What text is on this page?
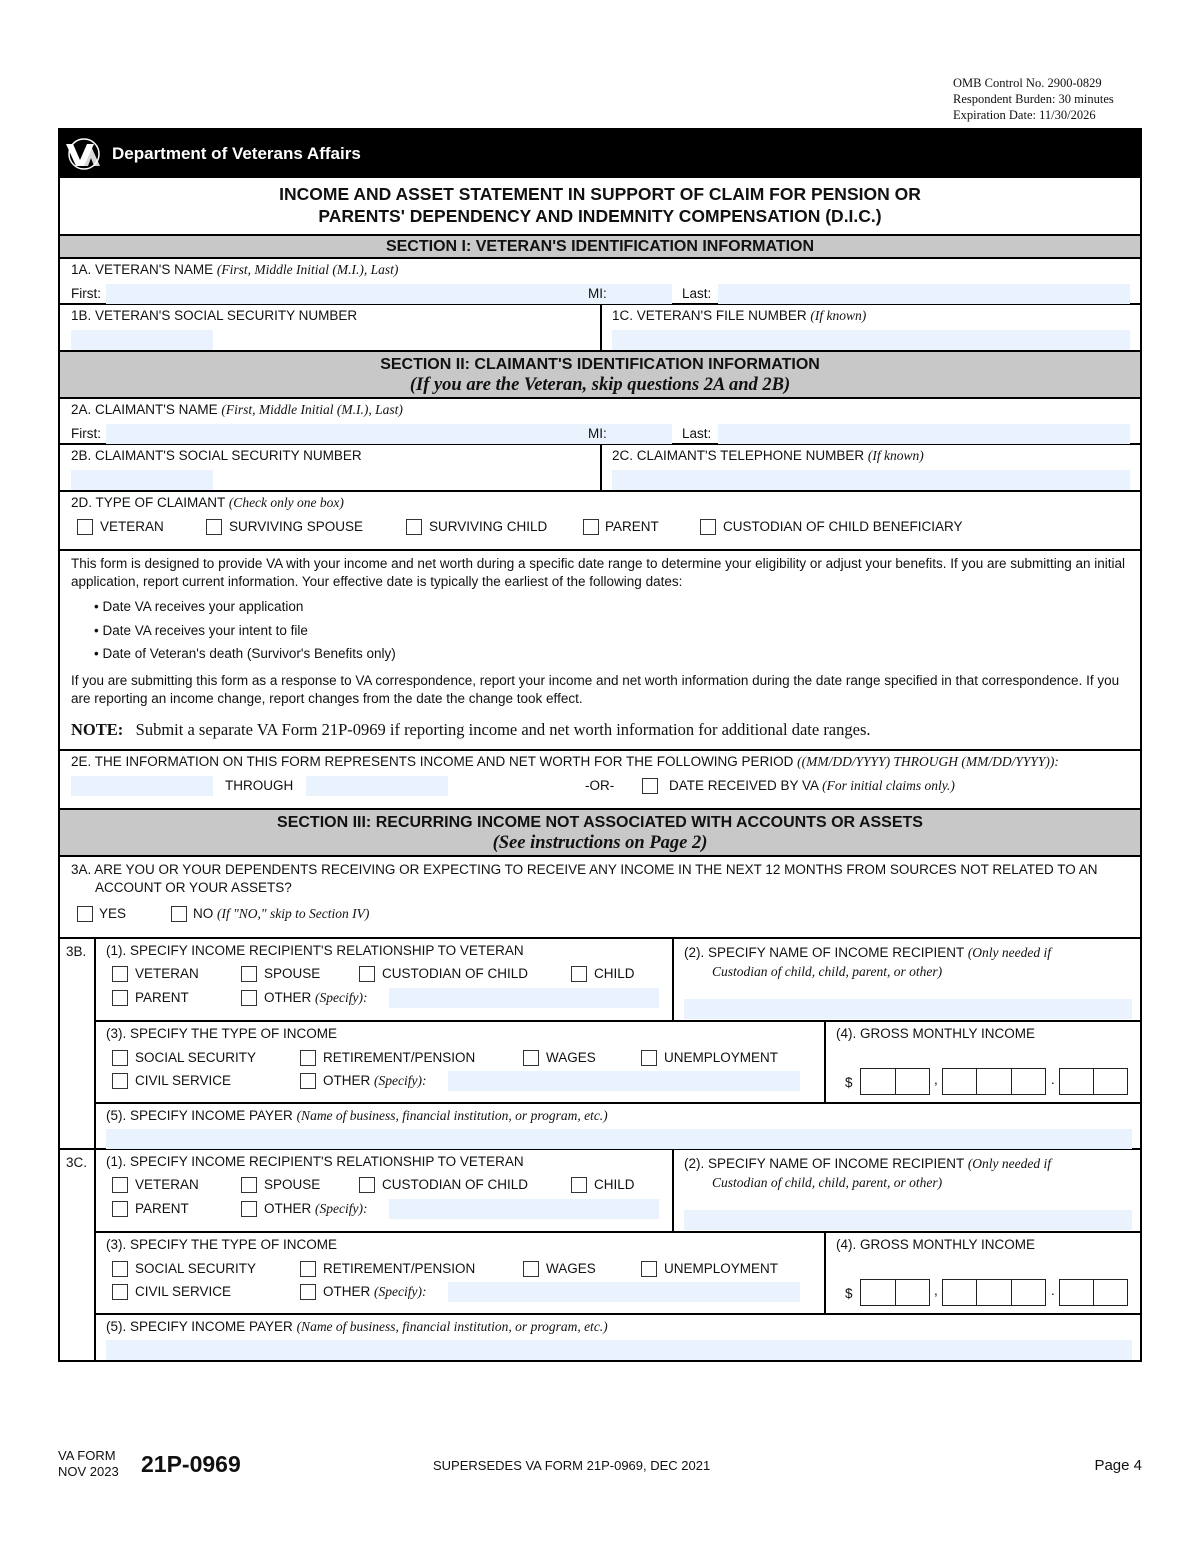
OMB Control No. 2900-0829
Respondent Burden: 30 minutes
Expiration Date: 11/30/2026
Department of Veterans Affairs
INCOME AND ASSET STATEMENT IN SUPPORT OF CLAIM FOR PENSION OR
PARENTS' DEPENDENCY AND INDEMNITY COMPENSATION (D.I.C.)
SECTION I: VETERAN'S IDENTIFICATION INFORMATION
1A. VETERAN'S NAME (First, Middle Initial (M.I.), Last)
First:	MI:	Last:
1B. VETERAN'S SOCIAL SECURITY NUMBER	1C. VETERAN'S FILE NUMBER (If known)
SECTION II: CLAIMANT'S IDENTIFICATION INFORMATION
(If you are the Veteran, skip questions 2A and 2B)
2A. CLAIMANT'S NAME (First, Middle Initial (M.I.), Last)
First:	MI:	Last:
2B. CLAIMANT'S SOCIAL SECURITY NUMBER	2C. CLAIMANT'S TELEPHONE NUMBER (If known)
2D. TYPE OF CLAIMANT (Check only one box)
VETERAN	SURVIVING SPOUSE	SURVIVING CHILD	PARENT	CUSTODIAN OF CHILD BENEFICIARY
This form is designed to provide VA with your income and net worth during a specific date range to determine your eligibility or adjust your benefits. If you are submitting an initial application, report current information. Your effective date is typically the earliest of the following dates:
• Date VA receives your application
• Date VA receives your intent to file
• Date of Veteran's death (Survivor's Benefits only)
If you are submitting this form as a response to VA correspondence, report your income and net worth information during the date range specified in that correspondence. If you are reporting an income change, report changes from the date the change took effect.
NOTE: Submit a separate VA Form 21P-0969 if reporting income and net worth information for additional date ranges.
2E. THE INFORMATION ON THIS FORM REPRESENTS INCOME AND NET WORTH FOR THE FOLLOWING PERIOD ((MM/DD/YYYY) THROUGH (MM/DD/YYYY)):
THROUGH	-OR-	DATE RECEIVED BY VA (For initial claims only.)
SECTION III: RECURRING INCOME NOT ASSOCIATED WITH ACCOUNTS OR ASSETS
(See instructions on Page 2)
3A. ARE YOU OR YOUR DEPENDENTS RECEIVING OR EXPECTING TO RECEIVE ANY INCOME IN THE NEXT 12 MONTHS FROM SOURCES NOT RELATED TO AN
ACCOUNT OR YOUR ASSETS?
YES	NO (If "NO," skip to Section IV)
3B. (1). SPECIFY INCOME RECIPIENT'S RELATIONSHIP TO VETERAN
VETERAN	SPOUSE	CUSTODIAN OF CHILD	CHILD
PARENT	OTHER (Specify):
(2). SPECIFY NAME OF INCOME RECIPIENT (Only needed if
Custodian of child, child, parent, or other)
(3). SPECIFY THE TYPE OF INCOME
SOCIAL SECURITY	RETIREMENT/PENSION	WAGES	UNEMPLOYMENT
CIVIL SERVICE	OTHER (Specify):
(4). GROSS MONTHLY INCOME
$	,	.
(5). SPECIFY INCOME PAYER (Name of business, financial institution, or program, etc.)
3C. (1). SPECIFY INCOME RECIPIENT'S RELATIONSHIP TO VETERAN
VETERAN	SPOUSE	CUSTODIAN OF CHILD	CHILD
PARENT	OTHER (Specify):
(2). SPECIFY NAME OF INCOME RECIPIENT (Only needed if
Custodian of child, child, parent, or other)
(3). SPECIFY THE TYPE OF INCOME
SOCIAL SECURITY	RETIREMENT/PENSION	WAGES	UNEMPLOYMENT
CIVIL SERVICE	OTHER (Specify):
(4). GROSS MONTHLY INCOME
$	,	.
(5). SPECIFY INCOME PAYER (Name of business, financial institution, or program, etc.)
VA FORM
NOV 2023 21P-0969	SUPERSEDES VA FORM 21P-0969, DEC 2021	Page 4
